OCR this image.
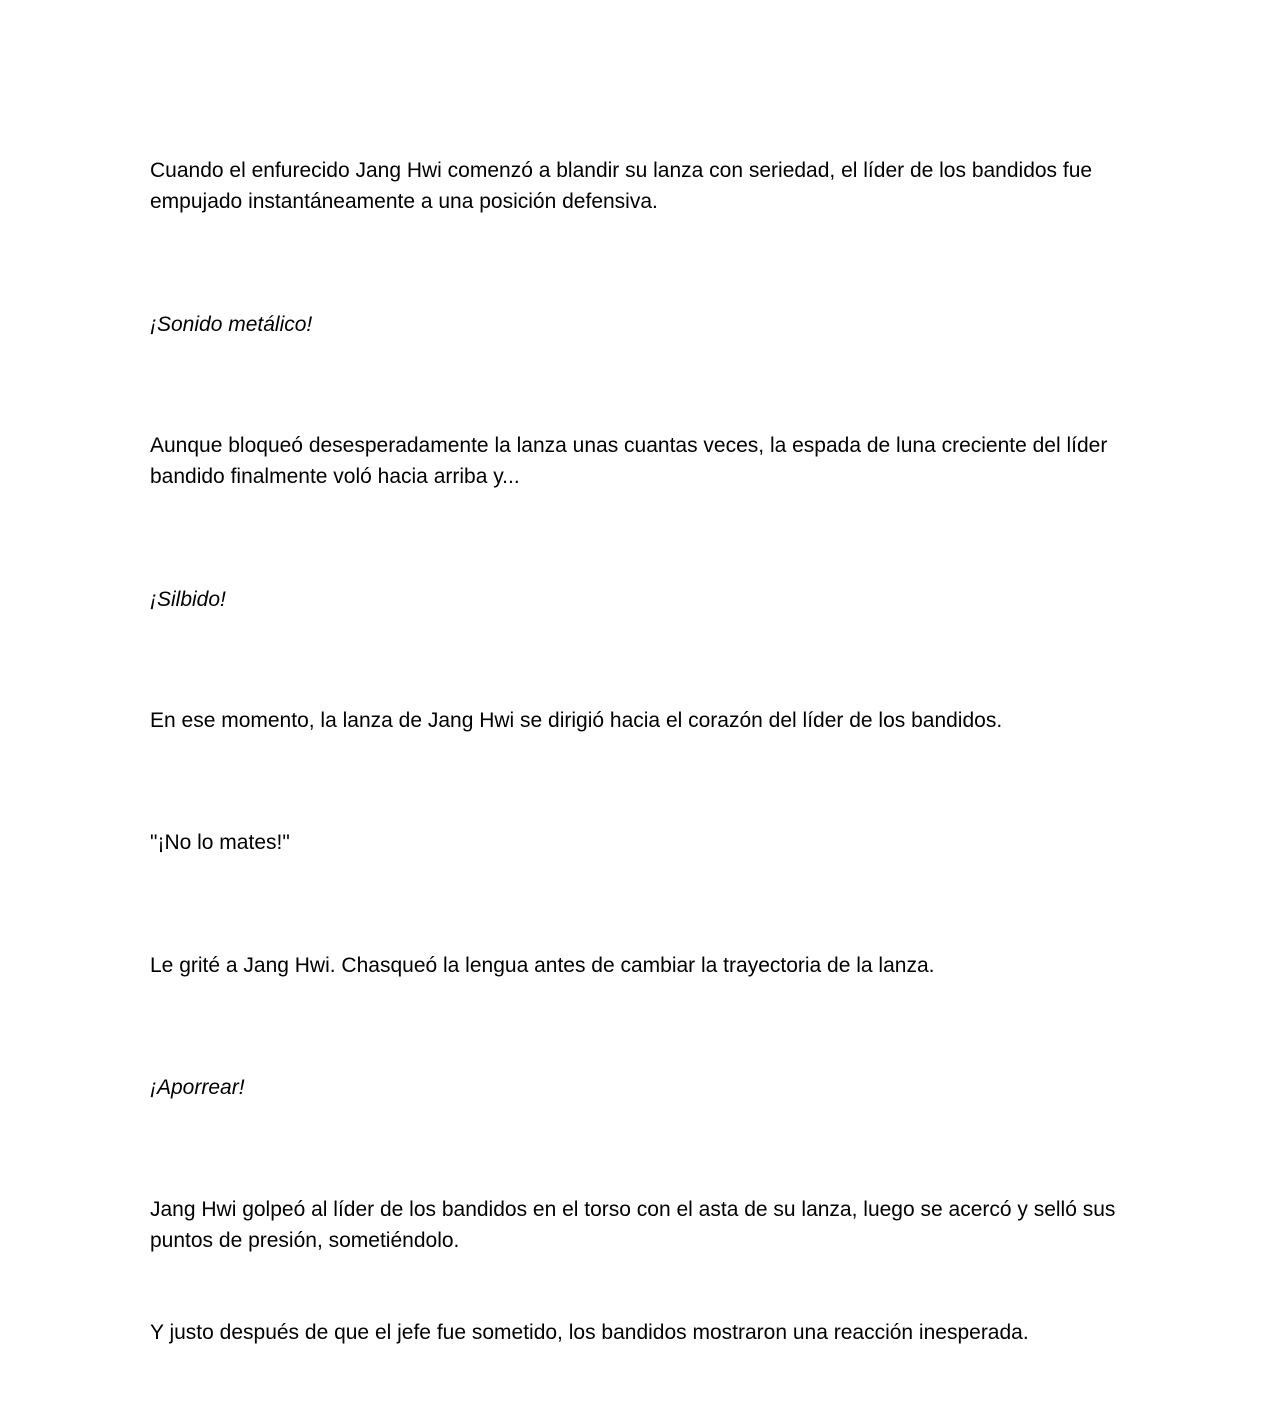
Cuando el enfurecido Jang Hwi comenzó a blandir su lanza con seriedad, el líder de los bandidos fue empujado instantáneamente a una posición defensiva.

¡Sonido metálico!

Aunque bloqueó desesperadamente la lanza unas cuantas veces, la espada de luna creciente del líder bandido finalmente voló hacia arriba y...

¡Silbido!

En ese momento, la lanza de Jang Hwi se dirigió hacia el corazón del líder de los bandidos.

"¡No lo mates!"

Le grité a Jang Hwi. Chasqueó la lengua antes de cambiar la trayectoria de la lanza.

¡Aporrear!

Jang Hwi golpeó al líder de los bandidos en el torso con el asta de su lanza, luego se acercó y selló sus puntos de presión, sometiéndolo.

Y justo después de que el jefe fue sometido, los bandidos mostraron una reacción inesperada.
